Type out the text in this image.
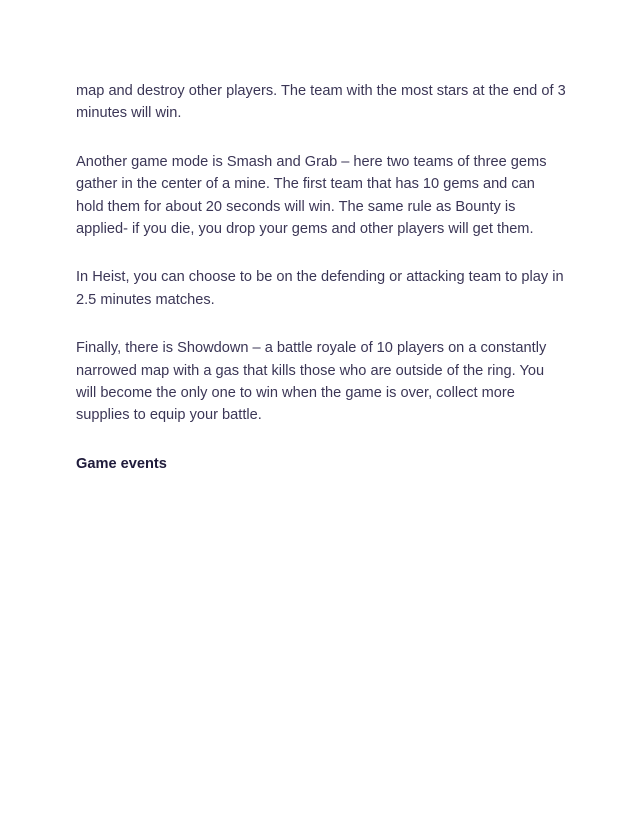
map and destroy other players. The team with the most stars at the end of 3 minutes will win.

Another game mode is Smash and Grab – here two teams of three gems gather in the center of a mine. The first team that has 10 gems and can hold them for about 20 seconds will win. The same rule as Bounty is applied- if you die, you drop your gems and other players will get them.

In Heist, you can choose to be on the defending or attacking team to play in 2.5 minutes matches.

Finally, there is Showdown – a battle royale of 10 players on a constantly narrowed map with a gas that kills those who are outside of the ring. You will become the only one to win when the game is over, collect more supplies to equip your battle.

Game events
